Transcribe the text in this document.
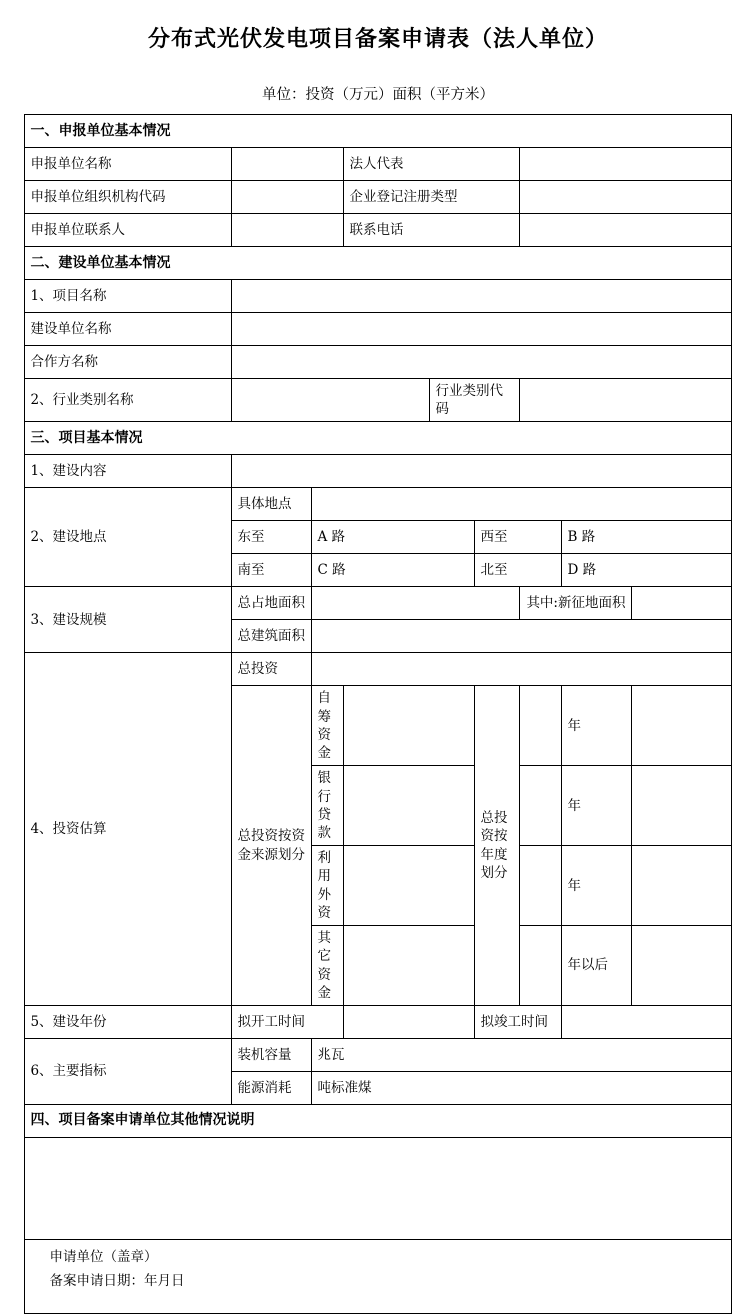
分布式光伏发电项目备案申请表（法人单位）
单位：投资（万元）面积（平方米）
一、申报单位基本情况								
申报单位名称			法人代表					
申报单位组织机构代码			企业登记注册类型					
申报单位联系人			联系电话					
二、建设单位基本情况								
1、项目名称								
建设单位名称								
合作方名称								
2、行业类别名称				行业类别代码				
三、项目基本情况								
1、建设内容								
2、建设地点	具体地点							
	东至	A 路			西至		B 路	
	南至	C 路			北至		D 路	
3、建设规模	总占地面积					其中:新征地面积		
	总建筑面积							
4、投资估算	总投资							
	总投资按资金来源划分	自筹资金			总投资按年度划分		年	
		银行贷款					年	
		利用外资					年	
		其它资金					年以后	
5、建设年份	拟开工时间				拟竣工时间			
6、主要指标	装机容量	兆瓦						
	能源消耗	吨标准煤						
四、项目备案申请单位其他情况说明								

申请单位（盖章）
备案申请日期：年月日								
